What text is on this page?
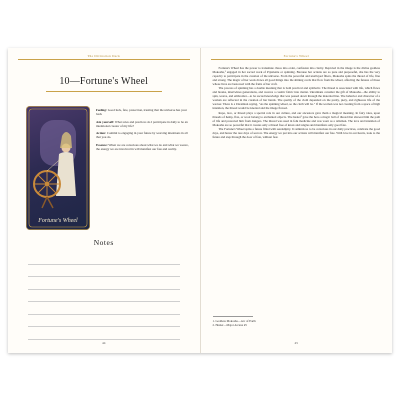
The Divination Deck
10—Fortune's Wheel
Fortune's Wheel

Feeling: Good luck, fate, protection, trusting that the universe has your back

Ask yourself: What roles and practices do I participate in daily to be an intentional creator of my life?

Action: Commit to engaging in your future by weaving intentions in all that you do.

Essence: When we are conscious about what we do and what we weave, the energy we are involved in will manifest our fate and reality.

Notes
44
Fortune's Wheel

Fortune's Wheel has the power to transmute chaos into order, confusion into clarity. Depicted in the image is the divine goddess Mokosha,¹ engaged in her sacred work of Prjaslenie or spinning. Because her actions are so pure and purposeful, she has the very capacity to participate in the creation of the universe. From the powerful and unalloyed fibers, Mokosha spins the thread of life, fine and strong. The magic of her work draws all good things into the shining cords that flow from the wheel, affecting the futures of those whose lives are bestowed with the fruits of her craft.

The process of spinning has a double meaning that is both practical and symbolic. The thread is associated with life, which flows and breaks, intertwines generations, and weaves a cosmic fabric into matter. Ukrainians consider the gift of Mokosha—the ability to spin, weave, and embroider—to be sacred knowledge that was passed down through the maternal line. The behavior and character of a woman are reflected in the creation of her hands. The quality of the cloth depended on the purity, piety, and righteous life of the weaver. There is a Ukrainian saying, "As the spinning wheel, so the cloth will be." If the woman was not creating from a space of high intention, the thread would be knotted and the image flawed.

Rope, lace, or thread plays a special role in our culture, and our ancestors gave them a magical meaning. In fairy tales, upon threads of hemp, flax, or wool belong to enchanted objects. The healer² gave the hero a magic ball of thread that showed him the path of life and protected him from dangers. The thread was used in folk medicine and was worn as a talisman. The love and intention of Mokosha are so powerful that it creates only a thread free of knots and tangles and manifests only good fate.

The Fortune's Wheel spins a future filled with serendipity. It reminds us to be conscious in our daily practices, celebrate the good days, and honor the rare days of sorrow. The energy we put into our actions will manifest our fate. With love in our hearts, look to the future and step through the door of fate, without fear.

1. Goddess Mokosha—Arc of Earth
2. Healer—Major Arcana #5
45
